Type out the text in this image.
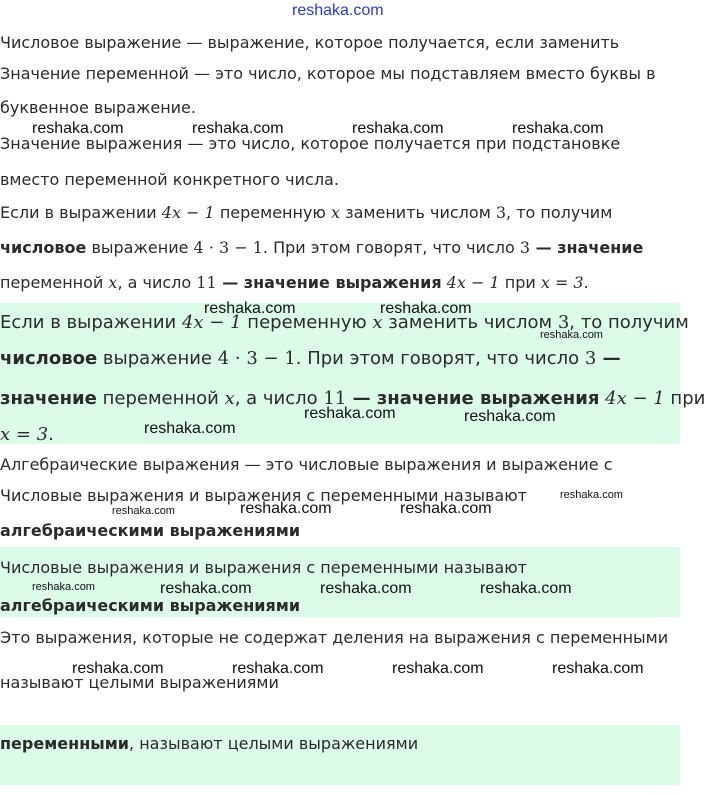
reshaka.com
Числовое выражение — выражение, которое получается, если заменить
Значение переменной — это число, которое мы подставляем вместо буквы в
буквенное выражение.
Значение выражения — это число, которое получается при подстановке
вместо переменной конкретного числа.
Если в выражении 4x − 1 переменную x заменить числом 3, то получим
числовое выражение 4 · 3 − 1. При этом говорят, что число 3 — значение
переменной x, а число 11 — значение выражения 4x − 1 при x = 3.
Если в выражении 4x − 1 переменную x заменить числом 3, то получим
числовое выражение 4 · 3 − 1. При этом говорят, что число 3 —
значение переменной x, а число 11 — значение выражения 4x − 1 при
x = 3.
Алгебраические выражения — это числовые выражения и выражение с
Числовые выражения и выражения с переменными называют
алгебраическими выражениями
Числовые выражения и выражения с переменными называют
алгебраическими выражениями
Это выражения, которые не содержат деления на выражения с переменными
называют целыми выражениями
переменными, называют целыми выражениями
reshaka.com	reshaka.com	reshaka.com	reshaka.com
reshaka.com	reshaka.com
reshaka.com
reshaka.com	reshaka.com
reshaka.com
reshaka.com
reshaka.com	reshaka.com	reshaka.com
reshaka.com	reshaka.com	reshaka.com	reshaka.com
reshaka.com	reshaka.com	reshaka.com	reshaka.com
